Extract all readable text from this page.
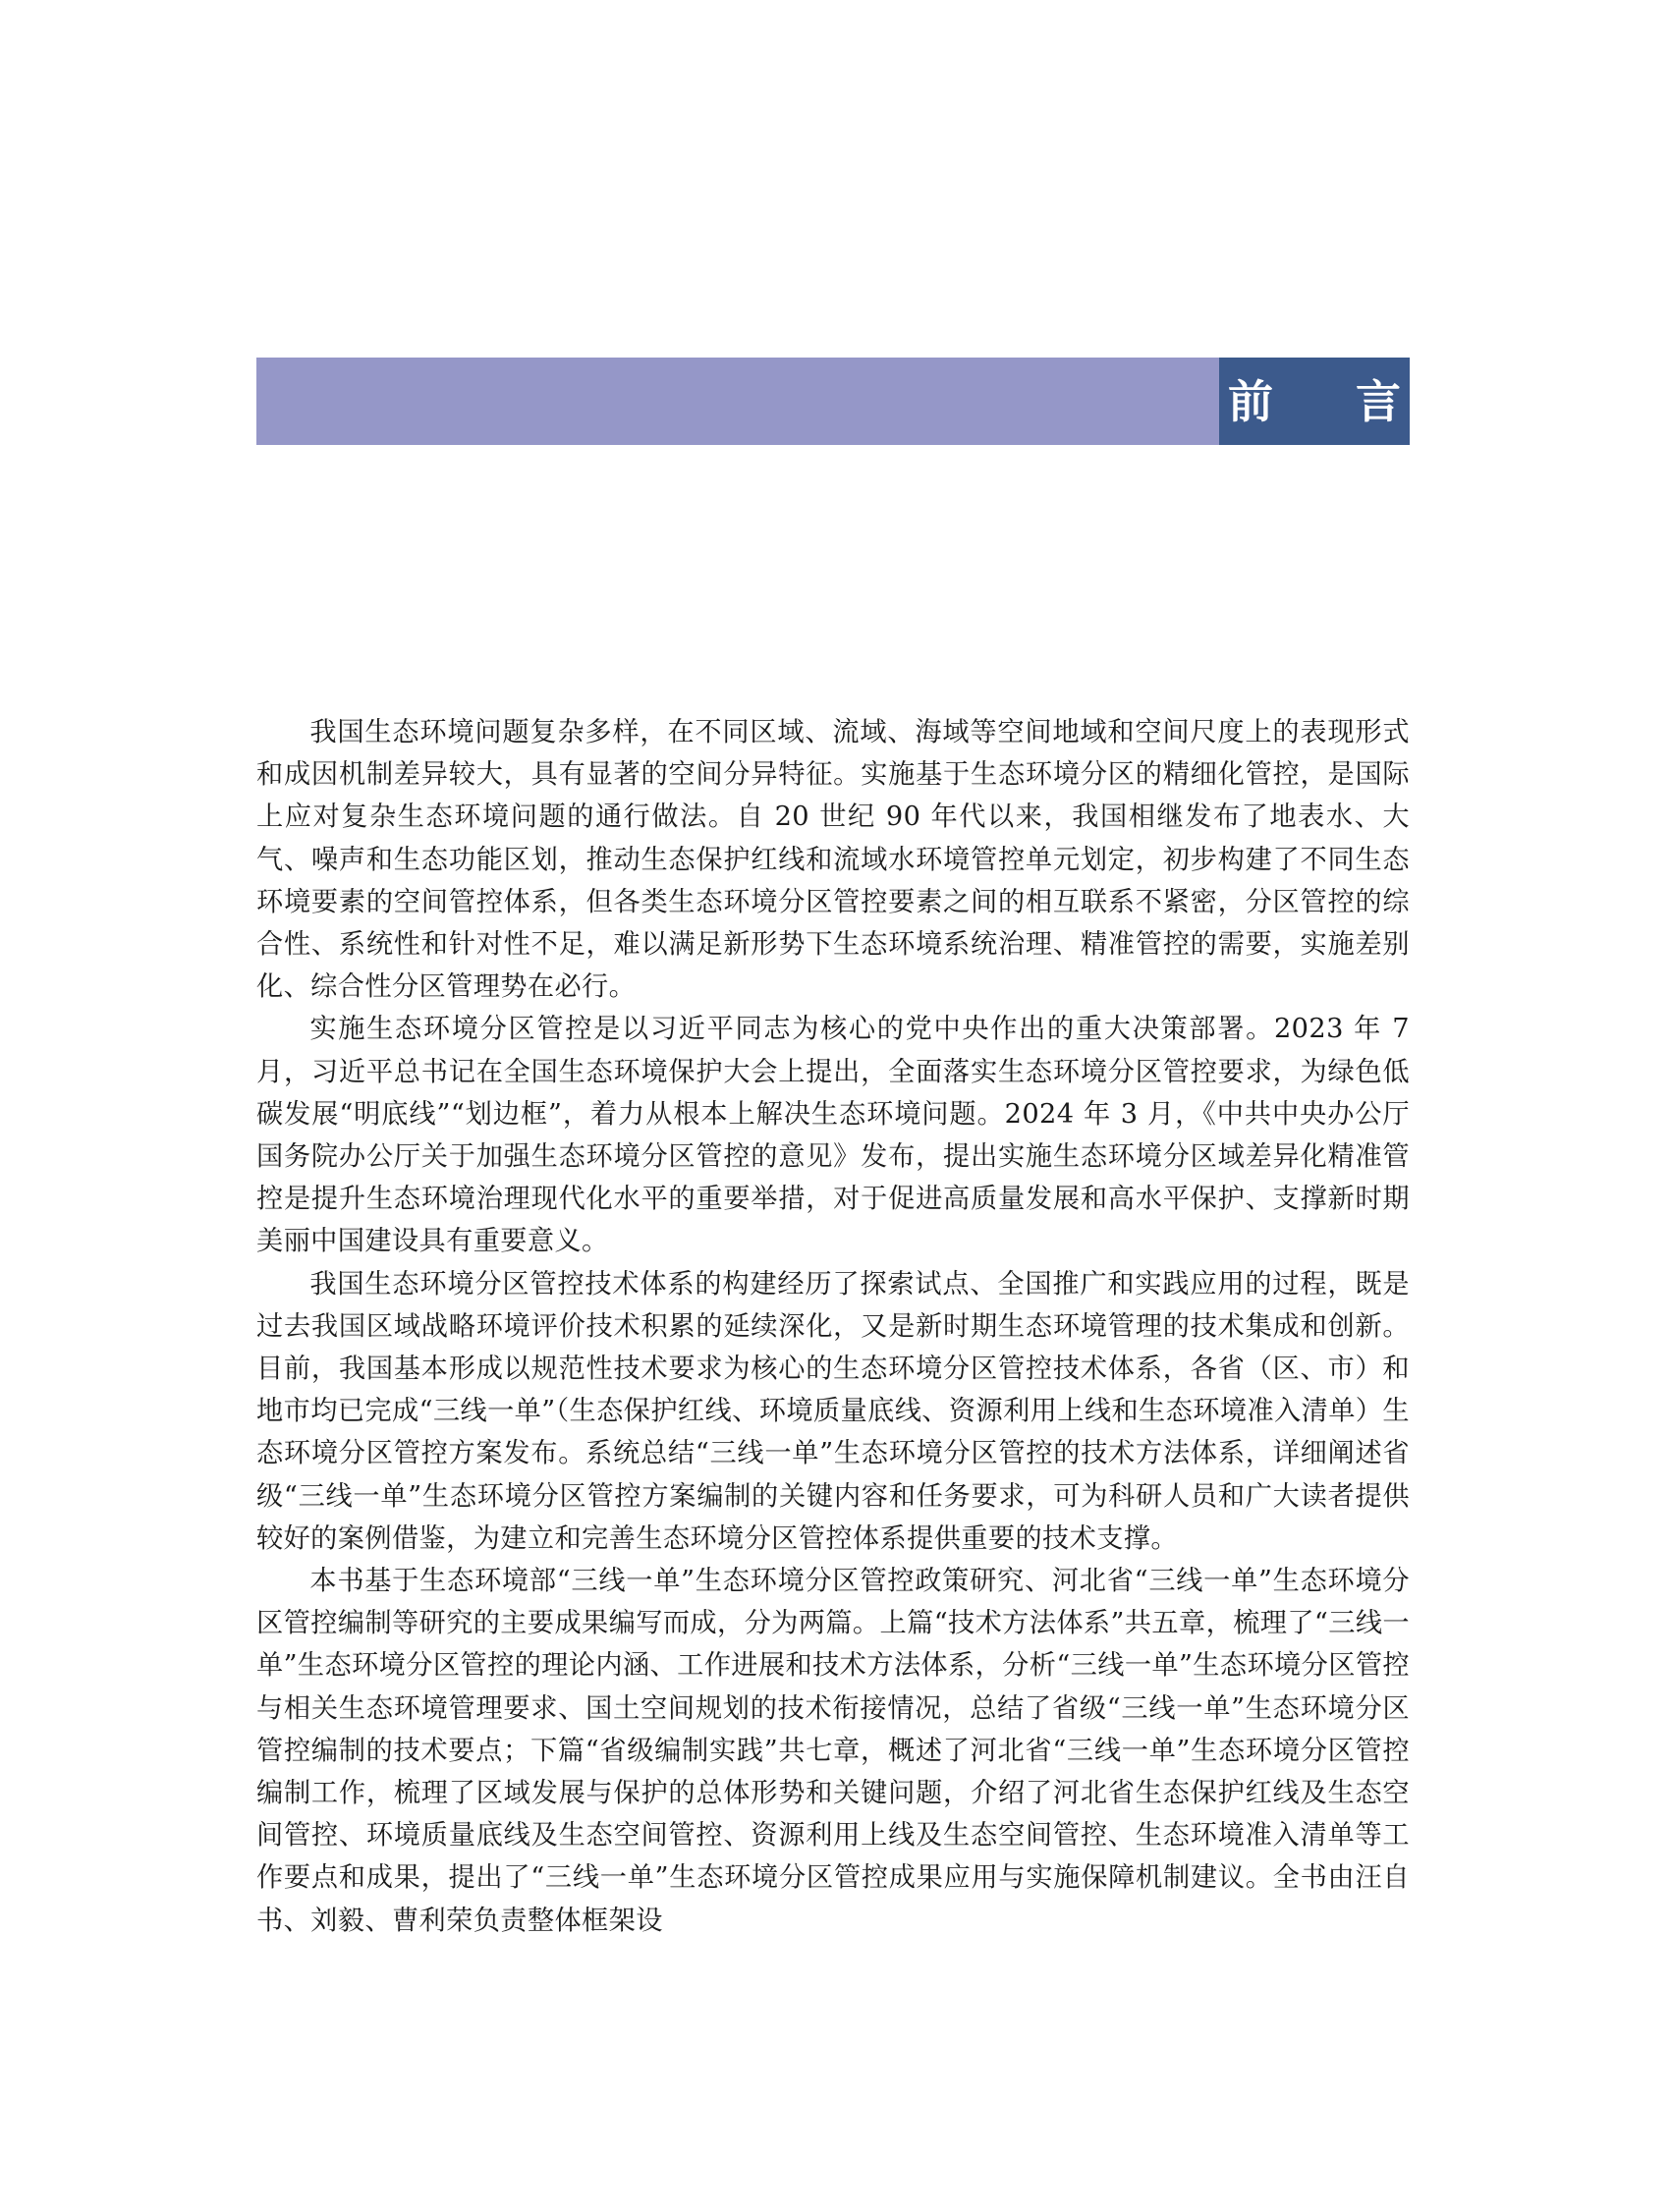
前 言

我国生态环境问题复杂多样，在不同区域、流域、海域等空间地域和空间尺度上的表现形式和成因机制差异较大，具有显著的空间分异特征。实施基于生态环境分区的精细化管控，是国际上应对复杂生态环境问题的通行做法。自 20 世纪 90 年代以来，我国相继发布了地表水、大气、噪声和生态功能区划，推动生态保护红线和流域水环境管控单元划定，初步构建了不同生态环境要素的空间管控体系，但各类生态环境分区管控要素之间的相互联系不紧密，分区管控的综合性、系统性和针对性不足，难以满足新形势下生态环境系统治理、精准管控的需要，实施差别化、综合性分区管理势在必行。

实施生态环境分区管控是以习近平同志为核心的党中央作出的重大决策部署。2023 年 7 月，习近平总书记在全国生态环境保护大会上提出，全面落实生态环境分区管控要求，为绿色低碳发展“明底线”“划边框”，着力从根本上解决生态环境问题。2024 年 3 月，《中共中央办公厅　国务院办公厅关于加强生态环境分区管控的意见》发布，提出实施生态环境分区域差异化精准管控是提升生态环境治理现代化水平的重要举措，对于促进高质量发展和高水平保护、支撑新时期美丽中国建设具有重要意义。

我国生态环境分区管控技术体系的构建经历了探索试点、全国推广和实践应用的过程，既是过去我国区域战略环境评价技术积累的延续深化，又是新时期生态环境管理的技术集成和创新。目前，我国基本形成以规范性技术要求为核心的生态环境分区管控技术体系，各省（区、市）和地市均已完成“三线一单”（生态保护红线、环境质量底线、资源利用上线和生态环境准入清单）生态环境分区管控方案发布。系统总结“三线一单”生态环境分区管控的技术方法体系，详细阐述省级“三线一单”生态环境分区管控方案编制的关键内容和任务要求，可为科研人员和广大读者提供较好的案例借鉴，为建立和完善生态环境分区管控体系提供重要的技术支撑。

本书基于生态环境部“三线一单”生态环境分区管控政策研究、河北省“三线一单”生态环境分区管控编制等研究的主要成果编写而成，分为两篇。上篇“技术方法体系”共五章，梳理了“三线一单”生态环境分区管控的理论内涵、工作进展和技术方法体系，分析“三线一单”生态环境分区管控与相关生态环境管理要求、国土空间规划的技术衔接情况，总结了省级“三线一单”生态环境分区管控编制的技术要点；下篇“省级编制实践”共七章，概述了河北省“三线一单”生态环境分区管控编制工作，梳理了区域发展与保护的总体形势和关键问题，介绍了河北省生态保护红线及生态空间管控、环境质量底线及生态空间管控、资源利用上线及生态空间管控、生态环境准入清单等工作要点和成果，提出了“三线一单”生态环境分区管控成果应用与实施保障机制建议。全书由汪自书、刘毅、曹利荣负责整体框架设
